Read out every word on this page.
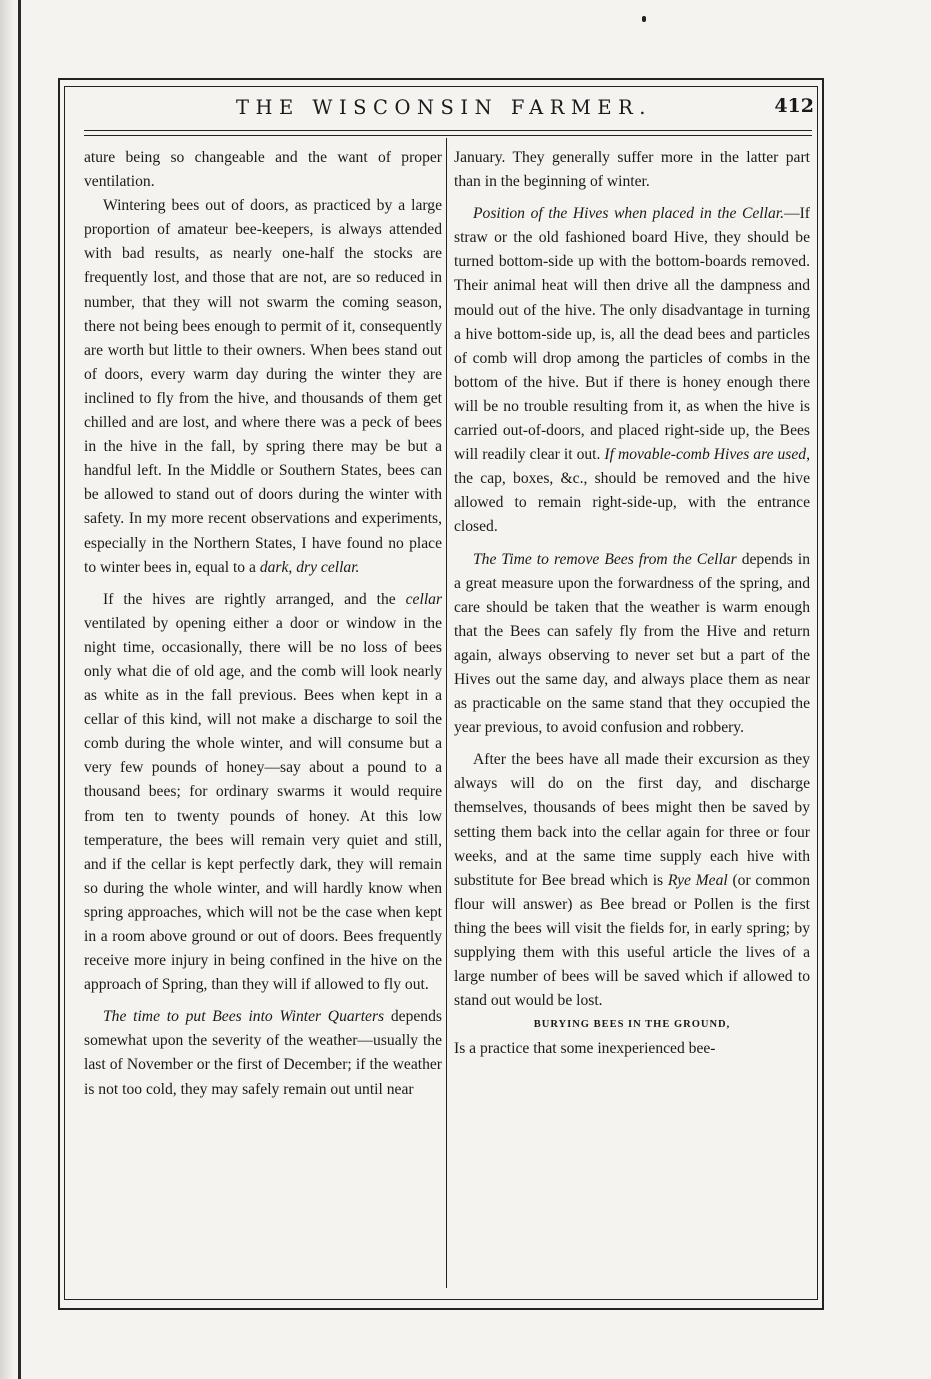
THE WISCONSIN FARMER.	412

ature being so changeable and the want of proper ventilation.

Wintering bees out of doors, as practiced by a large proportion of amateur bee-keepers, is always attended with bad results, as nearly one-half the stocks are frequently lost, and those that are not, are so reduced in number, that they will not swarm the coming season, there not being bees enough to permit of it, consequently are worth but little to their owners. When bees stand out of doors, every warm day during the winter they are inclined to fly from the hive, and thousands of them get chilled and are lost, and where there was a peck of bees in the hive in the fall, by spring there may be but a handful left. In the Middle or Southern States, bees can be allowed to stand out of doors during the winter with safety. In my more recent observations and experiments, especially in the Northern States, I have found no place to winter bees in, equal to a dark, dry cellar.

If the hives are rightly arranged, and the cellar ventilated by opening either a door or window in the night time, occasionally, there will be no loss of bees only what die of old age, and the comb will look nearly as white as in the fall previous. Bees when kept in a cellar of this kind, will not make a discharge to soil the comb during the whole winter, and will consume but a very few pounds of honey—say about a pound to a thousand bees; for ordinary swarms it would require from ten to twenty pounds of honey. At this low temperature, the bees will remain very quiet and still, and if the cellar is kept perfectly dark, they will remain so during the whole winter, and will hardly know when spring approaches, which will not be the case when kept in a room above ground or out of doors. Bees frequently receive more injury in being confined in the hive on the approach of Spring, than they will if allowed to fly out.

The time to put Bees into Winter Quarters depends somewhat upon the severity of the weather—usually the last of November or the first of December; if the weather is not too cold, they may safely remain out until near

January. They generally suffer more in the latter part than in the beginning of winter.

Position of the Hives when placed in the Cellar.—If straw or the old fashioned board Hive, they should be turned bottom-side up with the bottom-boards removed. Their animal heat will then drive all the dampness and mould out of the hive. The only disadvantage in turning a hive bottom-side up, is, all the dead bees and particles of comb will drop among the particles of combs in the bottom of the hive. But if there is honey enough there will be no trouble resulting from it, as when the hive is carried out-of-doors, and placed right-side up, the Bees will readily clear it out. If movable-comb Hives are used, the cap, boxes, &c., should be removed and the hive allowed to remain right-side-up, with the entrance closed.

The Time to remove Bees from the Cellar depends in a great measure upon the forwardness of the spring, and care should be taken that the weather is warm enough that the Bees can safely fly from the Hive and return again, always observing to never set but a part of the Hives out the same day, and always place them as near as practicable on the same stand that they occupied the year previous, to avoid confusion and robbery.

After the bees have all made their excursion as they always will do on the first day, and discharge themselves, thousands of bees might then be saved by setting them back into the cellar again for three or four weeks, and at the same time supply each hive with substitute for Bee bread which is Rye Meal (or common flour will answer) as Bee bread or Pollen is the first thing the bees will visit the fields for, in early spring; by supplying them with this useful article the lives of a large number of bees will be saved which if allowed to stand out would be lost.

BURYING BEES IN THE GROUND,

Is a practice that some inexperienced bee-
